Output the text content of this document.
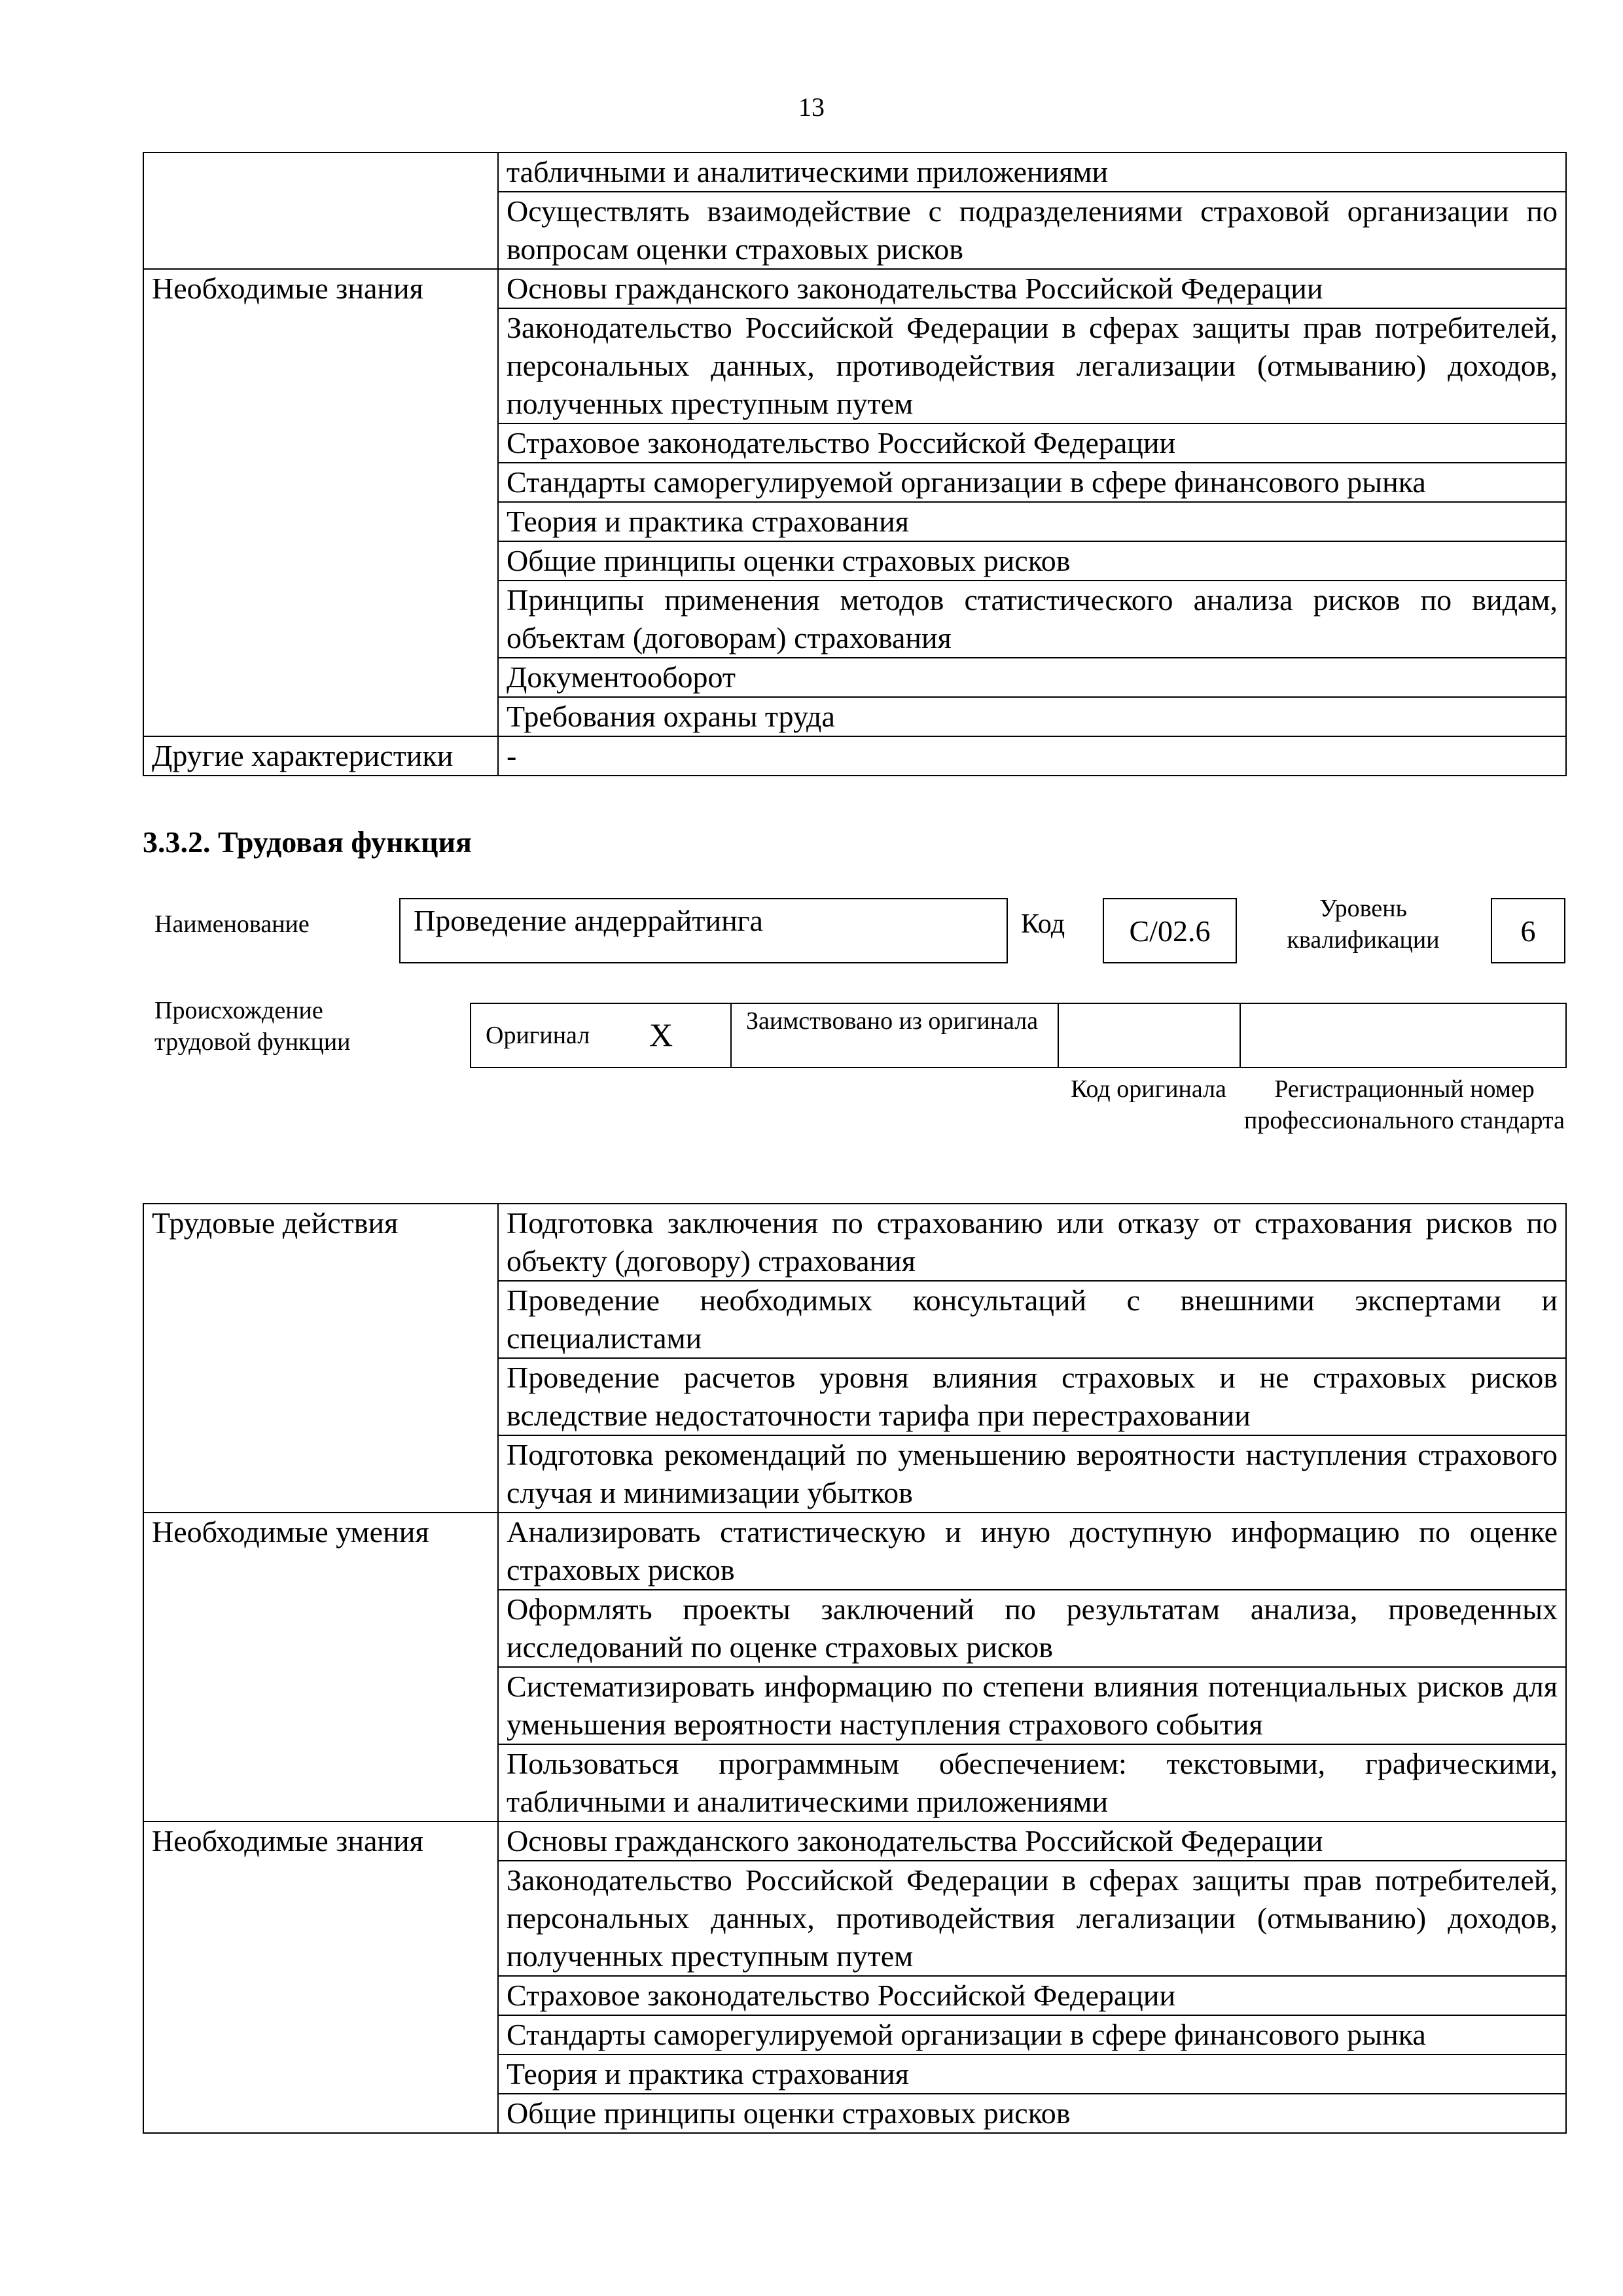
13
	табличными и аналитическими приложениями
	Осуществлять взаимодействие с подразделениями страховой организации по вопросам оценки страховых рисков
Необходимые знания	Основы гражданского законодательства Российской Федерации
	Законодательство Российской Федерации в сферах защиты прав потребителей, персональных данных, противодействия легализации (отмыванию) доходов, полученных преступным путем
	Страховое законодательство Российской Федерации
	Стандарты саморегулируемой организации в сфере финансового рынка
	Теория и практика страхования
	Общие принципы оценки страховых рисков
	Принципы применения методов статистического анализа рисков по видам, объектам (договорам) страхования
	Документооборот
	Требования охраны труда
Другие характеристики	-
3.3.2. Трудовая функция
Наименование	Проведение андеррайтинга	Код	C/02.6
Уровень квалификации	6
Происхождение трудовой функции	Оригинал X	Заимствовано из оригинала
Код оригинала	Регистрационный номер профессионального стандарта
Трудовые действия	Подготовка заключения по страхованию или отказу от страхования рисков по объекту (договору) страхования
	Проведение необходимых консультаций с внешними экспертами и специалистами
	Проведение расчетов уровня влияния страховых и не страховых рисков вследствие недостаточности тарифа при перестраховании
	Подготовка рекомендаций по уменьшению вероятности наступления страхового случая и минимизации убытков
Необходимые умения	Анализировать статистическую и иную доступную информацию по оценке страховых рисков
	Оформлять проекты заключений по результатам анализа, проведенных исследований по оценке страховых рисков
	Систематизировать информацию по степени влияния потенциальных рисков для уменьшения вероятности наступления страхового события
	Пользоваться программным обеспечением: текстовыми, графическими, табличными и аналитическими приложениями
Необходимые знания	Основы гражданского законодательства Российской Федерации
	Законодательство Российской Федерации в сферах защиты прав потребителей, персональных данных, противодействия легализации (отмыванию) доходов, полученных преступным путем
	Страховое законодательство Российской Федерации
	Стандарты саморегулируемой организации в сфере финансового рынка
	Теория и практика страхования
	Общие принципы оценки страховых рисков
